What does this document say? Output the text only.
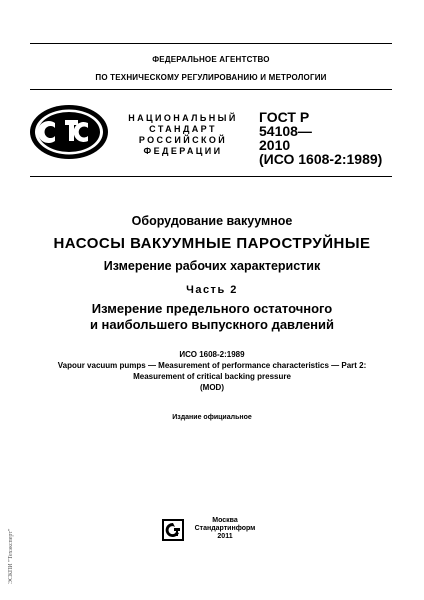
ФЕДЕРАЛЬНОЕ АГЕНТСТВО
ПО ТЕХНИЧЕСКОМУ РЕГУЛИРОВАНИЮ И МЕТРОЛОГИИ
НАЦИОНАЛЬНЫЙ
СТАНДАРТ
РОССИЙСКОЙ
ФЕДЕРАЦИИ
ГОСТ Р
54108—
2010
(ИСО 1608-2:1989)
Оборудование вакуумное
НАСОСЫ ВАКУУМНЫЕ ПАРОСТРУЙНЫЕ
Измерение рабочих характеристик
Часть 2
Измерение предельного остаточного
и наибольшего выпускного давлений
ИСО 1608-2:1989
Vapour vacuum pumps — Measurement of performance characteristics — Part 2:
Measurement of critical backing pressure
(MOD)
Издание официальное
Москва
Стандартинформ
2011
ЭСКПИ "Техэксперт"
